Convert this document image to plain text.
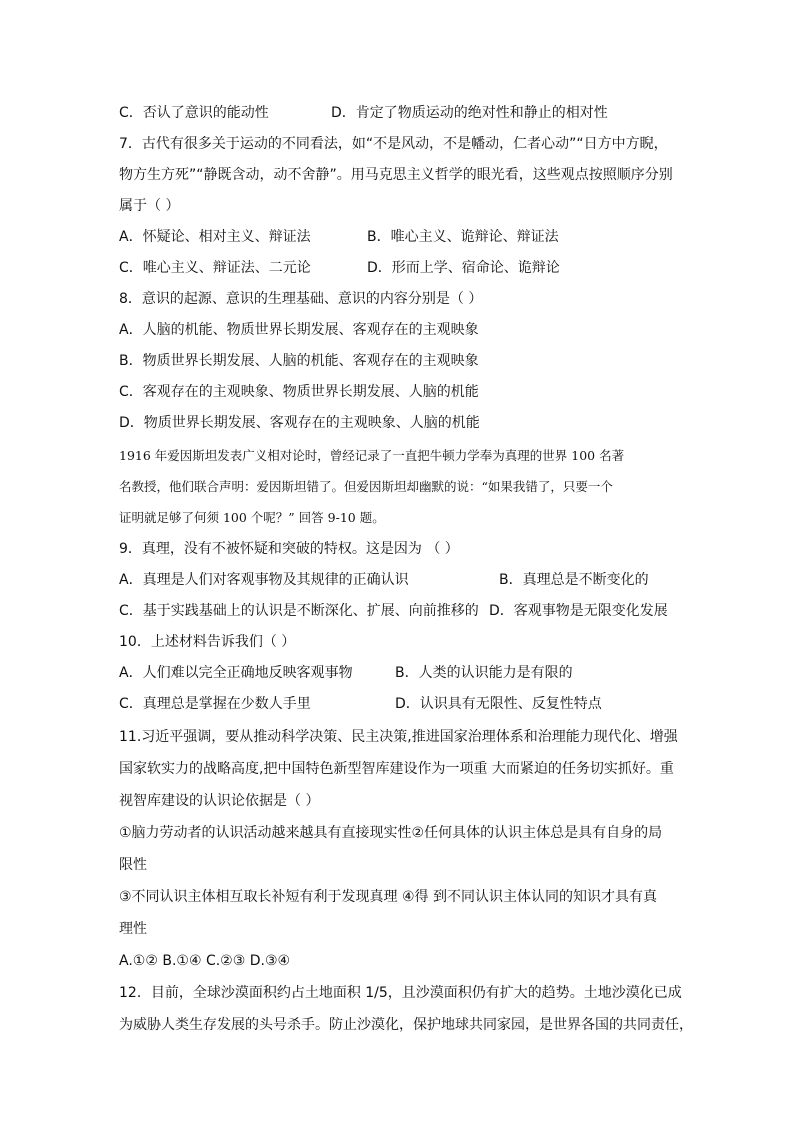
C．否认了意识的能动性	D．肯定了物质运动的绝对性和静止的相对性
7．古代有很多关于运动的不同看法，如“不是风动，不是幡动，仁者心动”“日方中方睨，
物方生方死”“静既含动，动不舍静”。用马克思主义哲学的眼光看，这些观点按照顺序分别
属于（ ）
A．怀疑论、相对主义、辩证法	B．唯心主义、诡辩论、辩证法
C．唯心主义、辩证法、二元论	D．形而上学、宿命论、诡辩论
8．意识的起源、意识的生理基础、意识的内容分别是（ ）
A．人脑的机能、物质世界长期发展、客观存在的主观映象
B．物质世界长期发展、人脑的机能、客观存在的主观映象
C．客观存在的主观映象、物质世界长期发展、人脑的机能
D．物质世界长期发展、客观存在的主观映象、人脑的机能
1916 年爱因斯坦发表广义相对论时，曾经记录了一直把牛顿力学奉为真理的世界 100 名著
名教授，他们联合声明：爱因斯坦错了。但爱因斯坦却幽默的说：“如果我错了，只要一个
证明就足够了何须 100 个呢？” 回答 9-10 题。
9．真理，没有不被怀疑和突破的特权。这是因为 （ ）
A．真理是人们对客观事物及其规律的正确认识	B．真理总是不断变化的
C．基于实践基础上的认识是不断深化、扩展、向前推移的 D．客观事物是无限变化发展
10．上述材料告诉我们（ ）
A．人们难以完全正确地反映客观事物	B．人类的认识能力是有限的
C．真理总是掌握在少数人手里	D．认识具有无限性、反复性特点
11.习近平强调，要从推动科学决策、民主决策,推进国家治理体系和治理能力现代化、增强
国家软实力的战略高度,把中国特色新型智库建设作为一项重 大而紧迫的任务切实抓好。重
视智库建设的认识论依据是（ ）
①脑力劳动者的认识活动越来越具有直接现实性②任何具体的认识主体总是具有自身的局
限性
③不同认识主体相互取长补短有利于发现真理 ④得 到不同认识主体认同的知识才具有真
理性
A.①② B.①④ C.②③ D.③④
12．目前，全球沙漠面积约占土地面积 1/5，且沙漠面积仍有扩大的趋势。土地沙漠化已成
为威胁人类生存发展的头号杀手。防止沙漠化，保护地球共同家园，是世界各国的共同责任，
